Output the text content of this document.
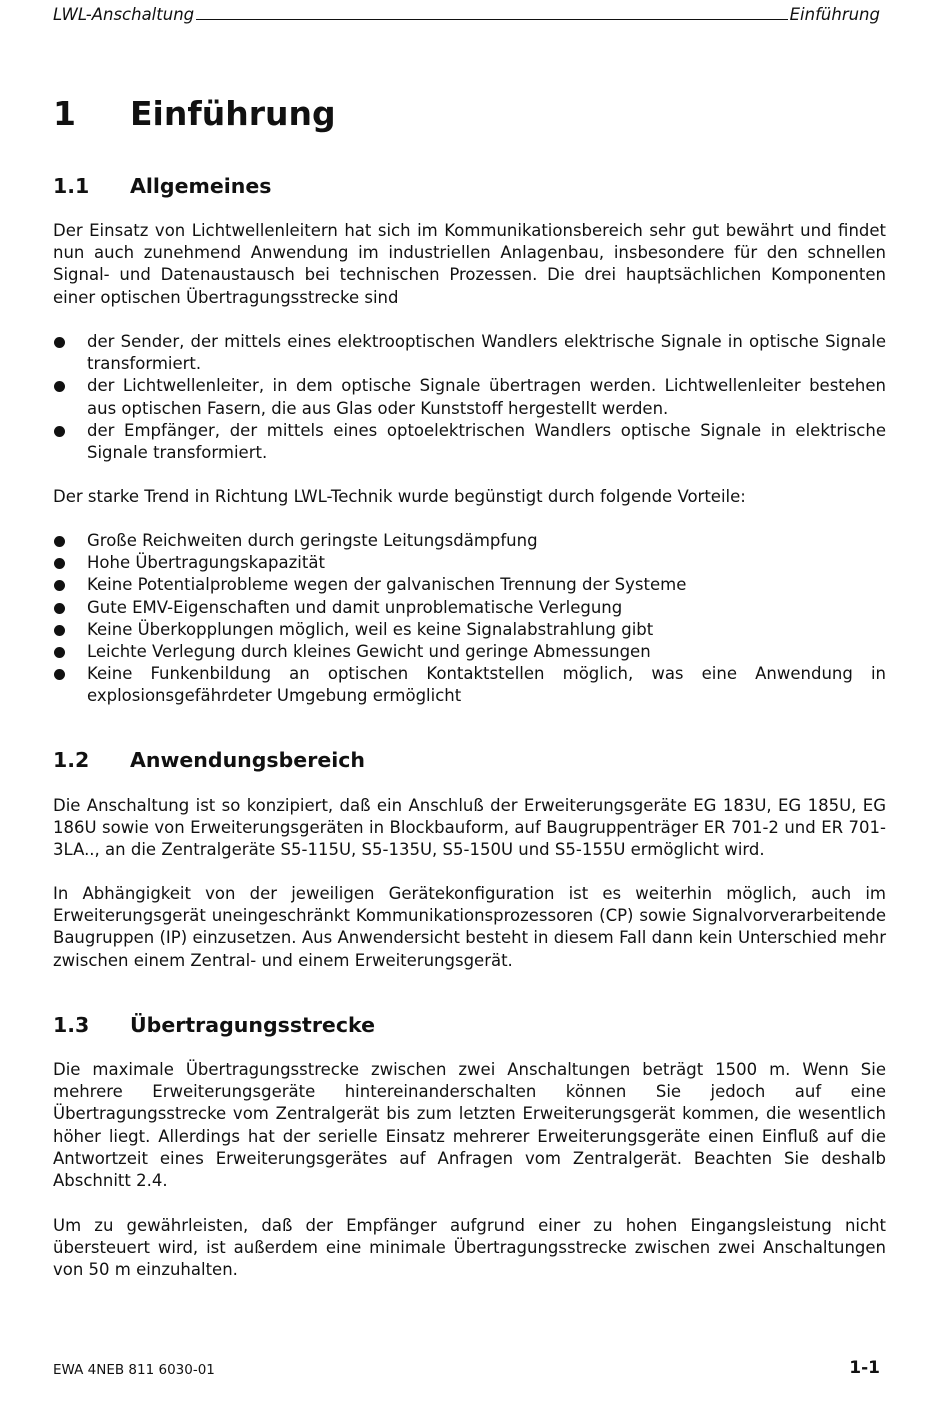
LWL-Anschaltung	Einführung
1 Einführung
1.1 Allgemeines

Der Einsatz von Lichtwellenleitern hat sich im Kommunikationsbereich sehr gut bewährt und findet nun auch zunehmend Anwendung im industriellen Anlagenbau, insbesondere für den schnellen Signal- und Datenaustausch bei technischen Prozessen. Die drei hauptsächlichen Komponenten einer optischen Übertragungsstrecke sind

der Sender, der mittels eines elektrooptischen Wandlers elektrische Signale in optische Signale transformiert.
der Lichtwellenleiter, in dem optische Signale übertragen werden. Lichtwellenleiter bestehen aus optischen Fasern, die aus Glas oder Kunststoff hergestellt werden.
der Empfänger, der mittels eines optoelektrischen Wandlers optische Signale in elektrische Signale transformiert.

Der starke Trend in Richtung LWL-Technik wurde begünstigt durch folgende Vorteile:

Große Reichweiten durch geringste Leitungsdämpfung
Hohe Übertragungskapazität
Keine Potentialprobleme wegen der galvanischen Trennung der Systeme
Gute EMV-Eigenschaften und damit unproblematische Verlegung
Keine Überkopplungen möglich, weil es keine Signalabstrahlung gibt
Leichte Verlegung durch kleines Gewicht und geringe Abmessungen
Keine Funkenbildung an optischen Kontaktstellen möglich, was eine Anwendung in explosionsgefährdeter Umgebung ermöglicht
1.2 Anwendungsbereich

Die Anschaltung ist so konzipiert, daß ein Anschluß der Erweiterungsgeräte EG 183U, EG 185U, EG 186U sowie von Erweiterungsgeräten in Blockbauform, auf Baugruppenträger ER 701-2 und ER 701-3LA.., an die Zentralgeräte S5-115U, S5-135U, S5-150U und S5-155U ermöglicht wird.

In Abhängigkeit von der jeweiligen Gerätekonfiguration ist es weiterhin möglich, auch im Erweiterungsgerät uneingeschränkt Kommunikationsprozessoren (CP) sowie Signalvorverarbeitende Baugruppen (IP) einzusetzen. Aus Anwendersicht besteht in diesem Fall dann kein Unterschied mehr zwischen einem Zentral- und einem Erweiterungsgerät.

1.3 Übertragungsstrecke

Die maximale Übertragungsstrecke zwischen zwei Anschaltungen beträgt 1500 m. Wenn Sie mehrere Erweiterungsgeräte hintereinanderschalten können Sie jedoch auf eine Übertragungsstrecke vom Zentralgerät bis zum letzten Erweiterungsgerät kommen, die wesentlich höher liegt. Allerdings hat der serielle Einsatz mehrerer Erweiterungsgeräte einen Einfluß auf die Antwortzeit eines Erweiterungsgerätes auf Anfragen vom Zentralgerät. Beachten Sie deshalb Abschnitt 2.4.

Um zu gewährleisten, daß der Empfänger aufgrund einer zu hohen Eingangsleistung nicht übersteuert wird, ist außerdem eine minimale Übertragungsstrecke zwischen zwei Anschaltungen von 50 m einzuhalten.

EWA 4NEB 811 6030-01	1-1
